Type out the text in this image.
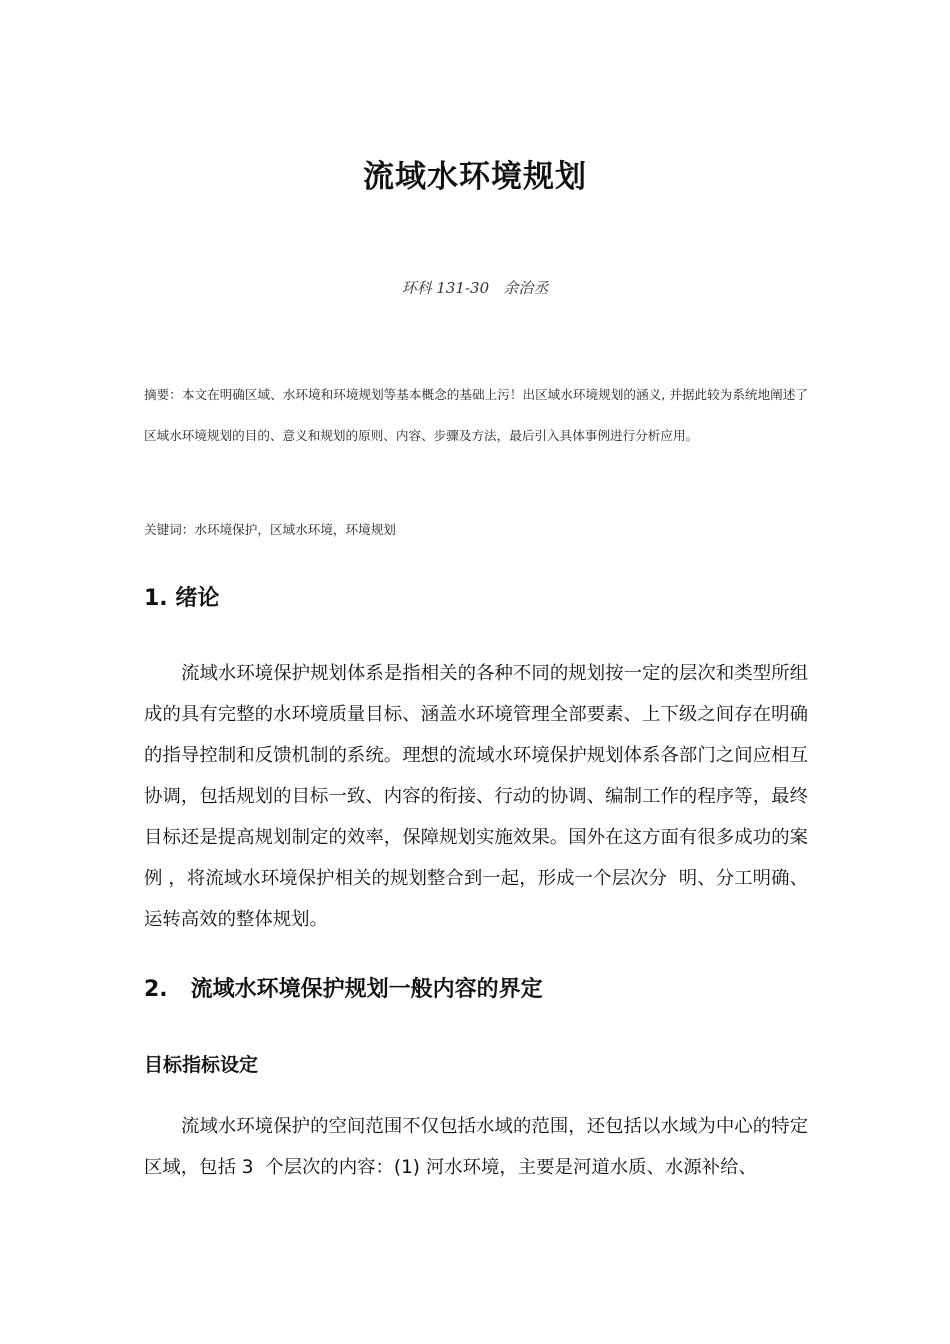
流域水环境规划
环科 131-30   余治丞
摘要：本文在明确区域、水环境和环境规划等基本概念的基础上污！出区域水环境规划的涵义, 并据此较为系统地阐述了区域水环境规划的目的、意义和规划的原则、内容、步骤及方法，最后引入具体事例进行分析应用。
关键词：水环境保护，区域水环境，环境规划
1. 绪论
流域水环境保护规划体系是指相关的各种不同的规划按一定的层次和类型所组成的具有完整的水环境质量目标、涵盖水环境管理全部要素、上下级之间存在明确的指导控制和反馈机制的系统。理想的流域水环境保护规划体系各部门之间应相互协调，包括规划的目标一致、内容的衔接、行动的协调、编制工作的程序等，最终目标还是提高规划制定的效率，保障规划实施效果。国外在这方面有很多成功的案例 ，将流域水环境保护相关的规划整合到一起，形成一个层次分  明、分工明确、运转高效的整体规划。
2.   流域水环境保护规划一般内容的界定
目标指标设定
流域水环境保护的空间范围不仅包括水域的范围，还包括以水域为中心的特定区域，包括 3  个层次的内容：(1) 河水环境，主要是河道水质、水源补给、
